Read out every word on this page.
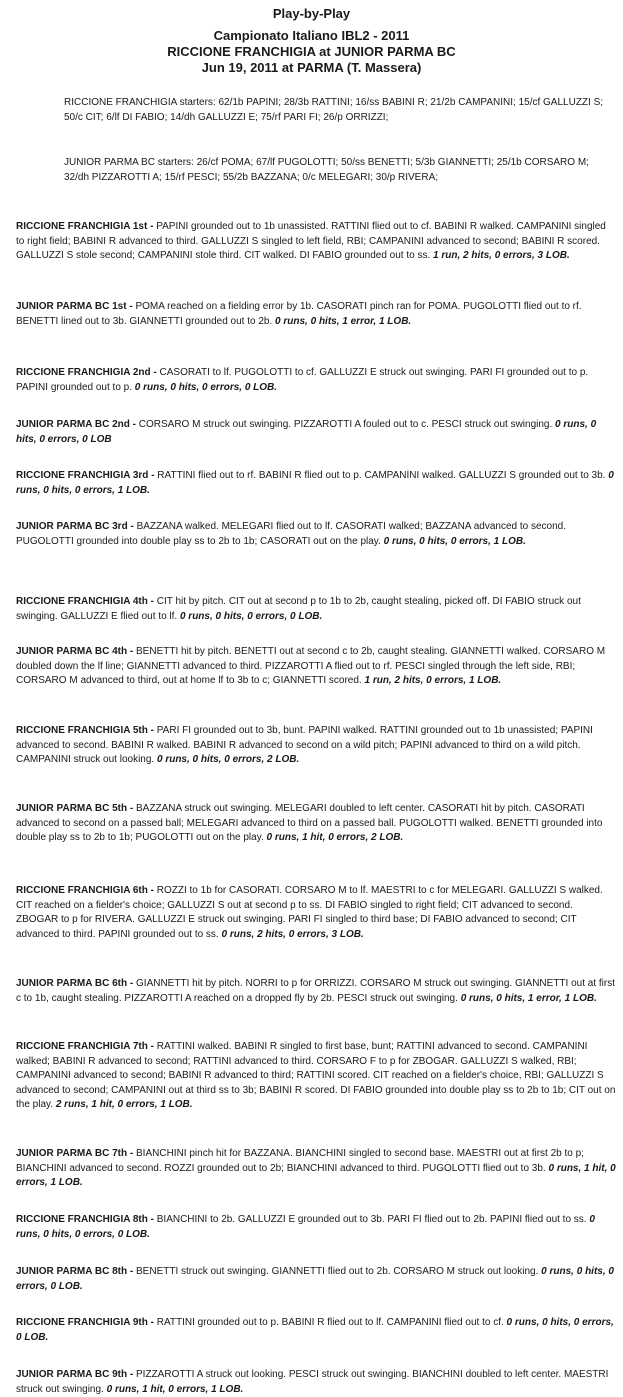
Play-by-Play
Campionato Italiano IBL2 - 2011
RICCIONE FRANCHIGIA at JUNIOR PARMA BC
Jun 19, 2011 at PARMA (T. Massera)
RICCIONE FRANCHIGIA starters: 62/1b PAPINI; 28/3b RATTINI; 16/ss BABINI R; 21/2b CAMPANINI; 15/cf GALLUZZI S; 50/c CIT; 6/lf DI FABIO; 14/dh GALLUZZI E; 75/rf PARI FI; 26/p ORRIZZI;
JUNIOR PARMA BC starters: 26/cf POMA; 67/lf PUGOLOTTI; 50/ss BENETTI; 5/3b GIANNETTI; 25/1b CORSARO M; 32/dh PIZZAROTTI A; 15/rf PESCI; 55/2b BAZZANA; 0/c MELEGARI; 30/p RIVERA;
RICCIONE FRANCHIGIA 1st - PAPINI grounded out to 1b unassisted. RATTINI flied out to cf. BABINI R walked. CAMPANINI singled to right field; BABINI R advanced to third. GALLUZZI S singled to left field, RBI; CAMPANINI advanced to second; BABINI R scored. GALLUZZI S stole second; CAMPANINI stole third. CIT walked. DI FABIO grounded out to ss. 1 run, 2 hits, 0 errors, 3 LOB.
JUNIOR PARMA BC 1st - POMA reached on a fielding error by 1b. CASORATI pinch ran for POMA. PUGOLOTTI flied out to rf. BENETTI lined out to 3b. GIANNETTI grounded out to 2b. 0 runs, 0 hits, 1 error, 1 LOB.
RICCIONE FRANCHIGIA 2nd - CASORATI to lf. PUGOLOTTI to cf. GALLUZZI E struck out swinging. PARI FI grounded out to p. PAPINI grounded out to p. 0 runs, 0 hits, 0 errors, 0 LOB.
JUNIOR PARMA BC 2nd - CORSARO M struck out swinging. PIZZAROTTI A fouled out to c. PESCI struck out swinging. 0 runs, 0 hits, 0 errors, 0 LOB
RICCIONE FRANCHIGIA 3rd - RATTINI flied out to rf. BABINI R flied out to p. CAMPANINI walked. GALLUZZI S grounded out to 3b. 0 runs, 0 hits, 0 errors, 1 LOB.
JUNIOR PARMA BC 3rd - BAZZANA walked. MELEGARI flied out to lf. CASORATI walked; BAZZANA advanced to second. PUGOLOTTI grounded into double play ss to 2b to 1b; CASORATI out on the play. 0 runs, 0 hits, 0 errors, 1 LOB.
RICCIONE FRANCHIGIA 4th - CIT hit by pitch. CIT out at second p to 1b to 2b, caught stealing, picked off. DI FABIO struck out swinging. GALLUZZI E flied out to lf. 0 runs, 0 hits, 0 errors, 0 LOB.
JUNIOR PARMA BC 4th - BENETTI hit by pitch. BENETTI out at second c to 2b, caught stealing. GIANNETTI walked. CORSARO M doubled down the lf line; GIANNETTI advanced to third. PIZZAROTTI A flied out to rf. PESCI singled through the left side, RBI; CORSARO M advanced to third, out at home lf to 3b to c; GIANNETTI scored. 1 run, 2 hits, 0 errors, 1 LOB.
RICCIONE FRANCHIGIA 5th - PARI FI grounded out to 3b, bunt. PAPINI walked. RATTINI grounded out to 1b unassisted; PAPINI advanced to second. BABINI R walked. BABINI R advanced to second on a wild pitch; PAPINI advanced to third on a wild pitch. CAMPANINI struck out looking. 0 runs, 0 hits, 0 errors, 2 LOB.
JUNIOR PARMA BC 5th - BAZZANA struck out swinging. MELEGARI doubled to left center. CASORATI hit by pitch. CASORATI advanced to second on a passed ball; MELEGARI advanced to third on a passed ball. PUGOLOTTI walked. BENETTI grounded into double play ss to 2b to 1b; PUGOLOTTI out on the play. 0 runs, 1 hit, 0 errors, 2 LOB.
RICCIONE FRANCHIGIA 6th - ROZZI to 1b for CASORATI. CORSARO M to lf. MAESTRI to c for MELEGARI. GALLUZZI S walked. CIT reached on a fielder's choice; GALLUZZI S out at second p to ss. DI FABIO singled to right field; CIT advanced to second. ZBOGAR to p for RIVERA. GALLUZZI E struck out swinging. PARI FI singled to third base; DI FABIO advanced to second; CIT advanced to third. PAPINI grounded out to ss. 0 runs, 2 hits, 0 errors, 3 LOB.
JUNIOR PARMA BC 6th - GIANNETTI hit by pitch. NORRI to p for ORRIZZI. CORSARO M struck out swinging. GIANNETTI out at first c to 1b, caught stealing. PIZZAROTTI A reached on a dropped fly by 2b. PESCI struck out swinging. 0 runs, 0 hits, 1 error, 1 LOB.
RICCIONE FRANCHIGIA 7th - RATTINI walked. BABINI R singled to first base, bunt; RATTINI advanced to second. CAMPANINI walked; BABINI R advanced to second; RATTINI advanced to third. CORSARO F to p for ZBOGAR. GALLUZZI S walked, RBI; CAMPANINI advanced to second; BABINI R advanced to third; RATTINI scored. CIT reached on a fielder's choice, RBI; GALLUZZI S advanced to second; CAMPANINI out at third ss to 3b; BABINI R scored. DI FABIO grounded into double play ss to 2b to 1b; CIT out on the play. 2 runs, 1 hit, 0 errors, 1 LOB.
JUNIOR PARMA BC 7th - BIANCHINI pinch hit for BAZZANA. BIANCHINI singled to second base. MAESTRI out at first 2b to p; BIANCHINI advanced to second. ROZZI grounded out to 2b; BIANCHINI advanced to third. PUGOLOTTI flied out to 3b. 0 runs, 1 hit, 0 errors, 1 LOB.
RICCIONE FRANCHIGIA 8th - BIANCHINI to 2b. GALLUZZI E grounded out to 3b. PARI FI flied out to 2b. PAPINI flied out to ss. 0 runs, 0 hits, 0 errors, 0 LOB.
JUNIOR PARMA BC 8th - BENETTI struck out swinging. GIANNETTI flied out to 2b. CORSARO M struck out looking. 0 runs, 0 hits, 0 errors, 0 LOB.
RICCIONE FRANCHIGIA 9th - RATTINI grounded out to p. BABINI R flied out to lf. CAMPANINI flied out to cf. 0 runs, 0 hits, 0 errors, 0 LOB.
JUNIOR PARMA BC 9th - PIZZAROTTI A struck out looking. PESCI struck out swinging. BIANCHINI doubled to left center. MAESTRI struck out swinging. 0 runs, 1 hit, 0 errors, 1 LOB.
